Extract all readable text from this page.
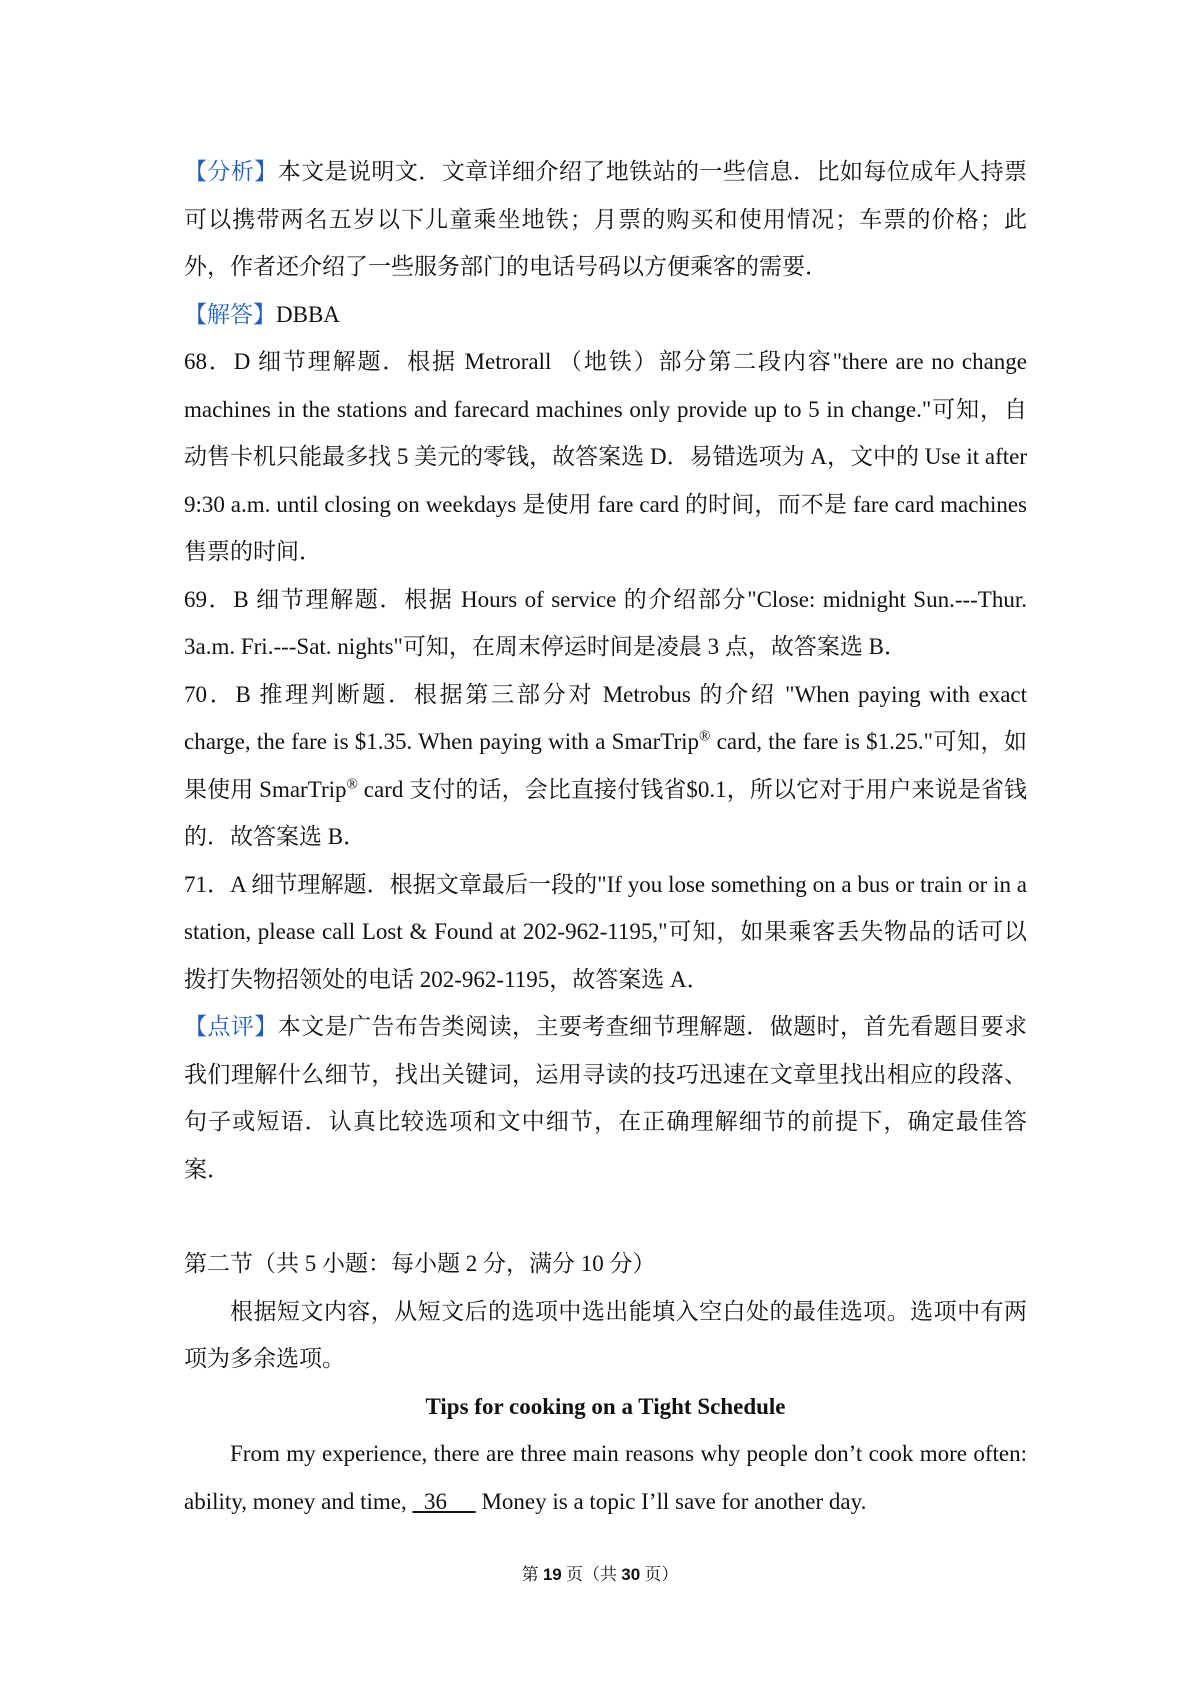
【分析】本文是说明文．文章详细介绍了地铁站的一些信息．比如每位成年人持票可以携带两名五岁以下儿童乘坐地铁；月票的购买和使用情况；车票的价格；此外，作者还介绍了一些服务部门的电话号码以方便乘客的需要．

【解答】DBBA

68．D 细节理解题．根据 Metrorall （地铁）部分第二段内容"there are no change machines in the stations and farecard machines only provide up to 5 in change."可知，自动售卡机只能最多找 5 美元的零钱，故答案选 D．易错选项为 A，文中的 Use it after 9:30 a.m. until closing on weekdays 是使用 fare card 的时间，而不是 fare card machines 售票的时间．

69．B 细节理解题．根据 Hours of service 的介绍部分"Close: midnight Sun.---Thur. 3a.m. Fri.---Sat. nights"可知，在周末停运时间是凌晨 3 点，故答案选 B．

70．B 推理判断题．根据第三部分对 Metrobus 的介绍 "When paying with exact charge, the fare is $1.35. When paying with a SmarTrip® card, the fare is $1.25."可知，如果使用 SmarTrip® card 支付的话，会比直接付钱省$0.1，所以它对于用户来说是省钱的．故答案选 B．

71．A 细节理解题．根据文章最后一段的"If you lose something on a bus or train or in a station, please call Lost & Found at 202-962-1195,"可知，如果乘客丢失物品的话可以拨打失物招领处的电话 202-962-1195，故答案选 A．

【点评】本文是广告布告类阅读，主要考查细节理解题．做题时，首先看题目要求我们理解什么细节，找出关键词，运用寻读的技巧迅速在文章里找出相应的段落、句子或短语．认真比较选项和文中细节，在正确理解细节的前提下，确定最佳答案．

第二节（共 5 小题：每小题 2 分，满分 10 分）

根据短文内容，从短文后的选项中选出能填入空白处的最佳选项。选项中有两项为多余选项。

Tips for cooking on a Tight Schedule

From my experience, there are three main reasons why people don’t cook more often: ability, money and time,   36      Money is a topic I’ll save for another day.

第 19 页（共 30 页）
